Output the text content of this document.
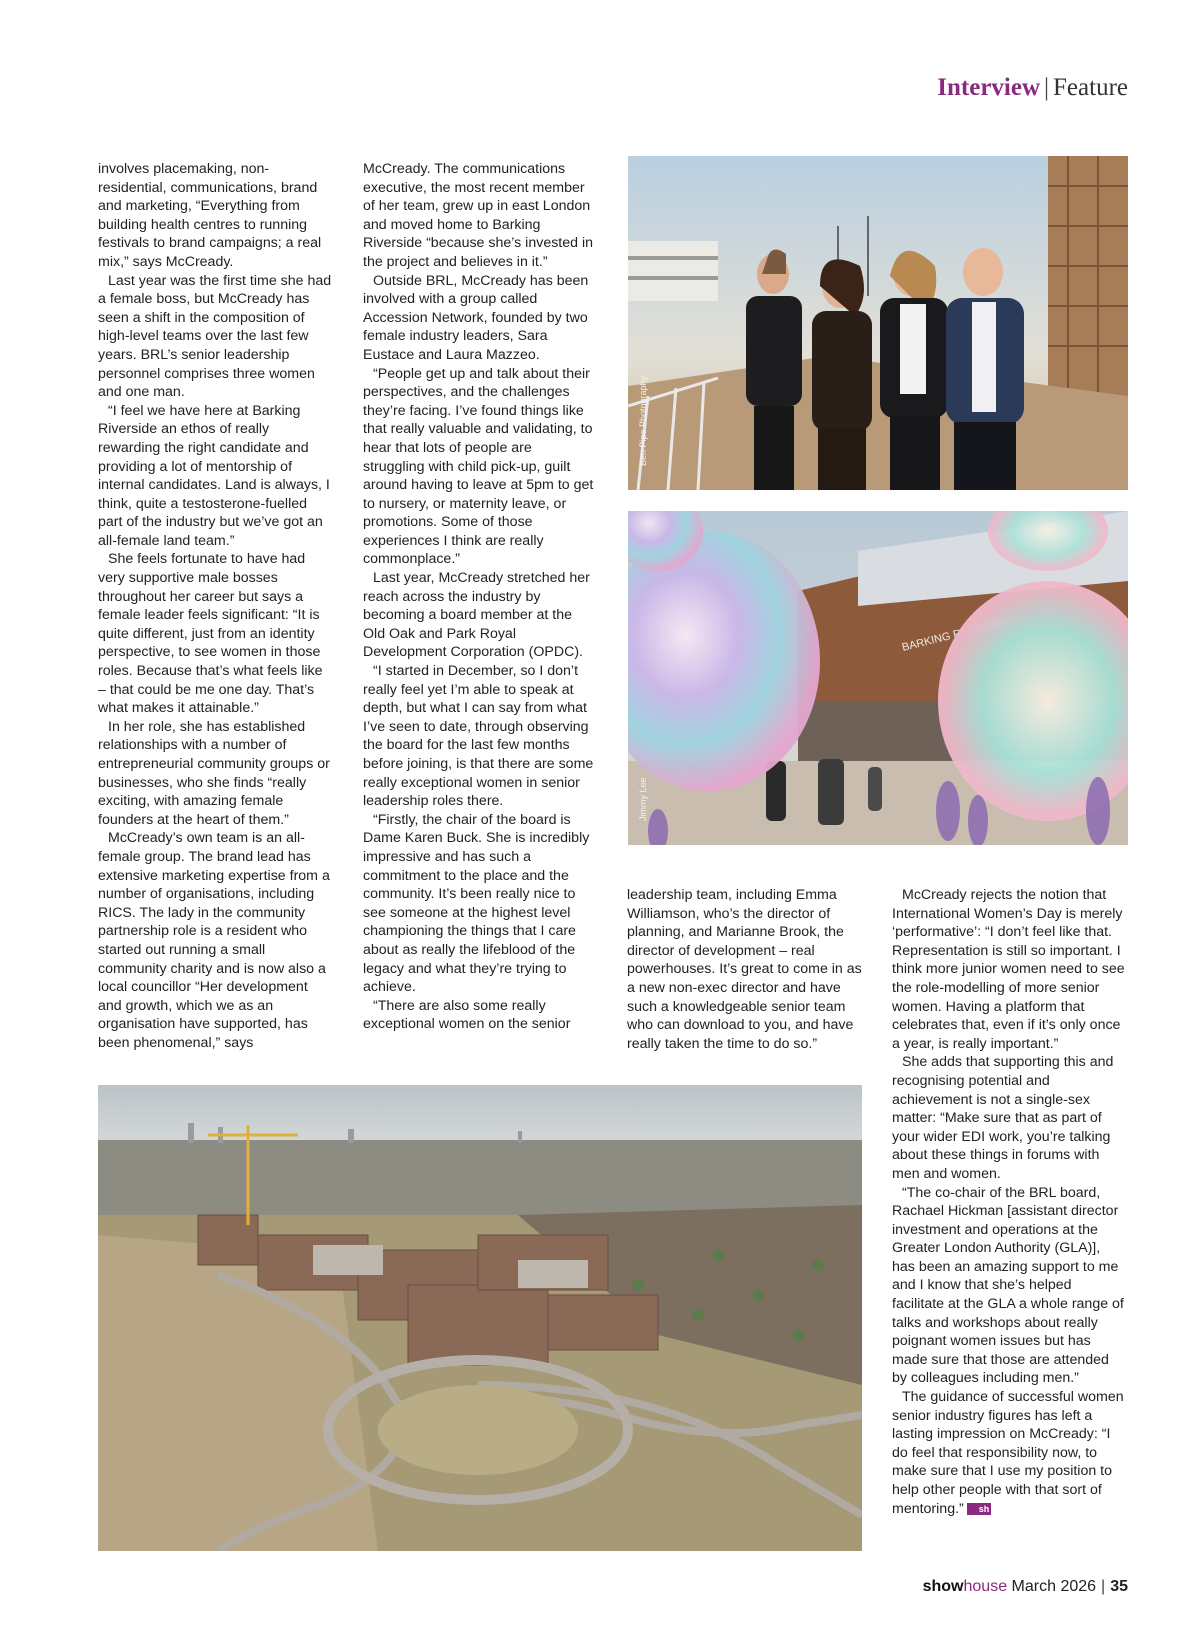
Interview | Feature

involves placemaking, non-residential, communications, brand and marketing, “Everything from building health centres to running festivals to brand campaigns; a real mix,” says McCready.

Last year was the first time she had a female boss, but McCready has seen a shift in the composition of high-level teams over the last few years. BRL’s senior leadership personnel comprises three women and one man.

“I feel we have here at Barking Riverside an ethos of really rewarding the right candidate and providing a lot of mentorship of internal candidates. Land is always, I think, quite a testosterone-fuelled part of the industry but we’ve got an all-female land team.”

She feels fortunate to have had very supportive male bosses throughout her career but says a female leader feels significant: “It is quite different, just from an identity perspective, to see women in those roles. Because that’s what feels like – that could be me one day. That’s what makes it attainable.”

In her role, she has established relationships with a number of entrepreneurial community groups or businesses, who she finds “really exciting, with amazing female founders at the heart of them.”

McCready’s own team is an all-female group. The brand lead has extensive marketing expertise from a number of organisations, including RICS. The lady in the community partnership role is a resident who started out running a small community charity and is now also a local councillor “Her development and growth, which we as an organisation have supported, has been phenomenal,” says

McCready. The communications executive, the most recent member of her team, grew up in east London and moved home to Barking Riverside “because she’s invested in the project and believes in it.”

Outside BRL, McCready has been involved with a group called Accession Network, founded by two female industry leaders, Sara Eustace and Laura Mazzeo.

“People get up and talk about their perspectives, and the challenges they’re facing. I’ve found things like that really valuable and validating, to hear that lots of people are struggling with child pick-up, guilt around having to leave at 5pm to get to nursery, or maternity leave, or promotions. Some of those experiences I think are really commonplace.”

Last year, McCready stretched her reach across the industry by becoming a board member at the Old Oak and Park Royal Development Corporation (OPDC).

“I started in December, so I don’t really feel yet I’m able to speak at depth, but what I can say from what I’ve seen to date, through observing the board for the last few months before joining, is that there are some really exceptional women in senior leadership roles there.

“Firstly, the chair of the board is Dame Karen Buck. She is incredibly impressive and has such a commitment to the place and the community. It’s been really nice to see someone at the highest level championing the things that I care about as really the lifeblood of the legacy and what they’re trying to achieve.

“There are also some really exceptional women on the senior

Ben Pipe Photography
BARKING
Jimmy Lee

leadership team, including Emma Williamson, who’s the director of planning, and Marianne Brook, the director of development – real powerhouses. It’s great to come in as a new non-exec director and have such a knowledgeable senior team who can download to you, and have really taken the time to do so.”

McCready rejects the notion that International Women’s Day is merely ‘performative’: “I don’t feel like that. Representation is still so important. I think more junior women need to see the role-modelling of more senior women. Having a platform that celebrates that, even if it’s only once a year, is really important.”

She adds that supporting this and recognising potential and achievement is not a single-sex matter: “Make sure that as part of your wider EDI work, you’re talking about these things in forums with men and women.

“The co-chair of the BRL board, Rachael Hickman [assistant director investment and operations at the Greater London Authority (GLA)], has been an amazing support to me and I know that she’s helped facilitate at the GLA a whole range of talks and workshops about really poignant women issues but has made sure that those are attended by colleagues including men.”

The guidance of successful women senior industry figures has left a lasting impression on McCready: “I do feel that responsibility now, to make sure that I use my position to help other people with that sort of mentoring.” sh

showhouse March 2026 | 35
